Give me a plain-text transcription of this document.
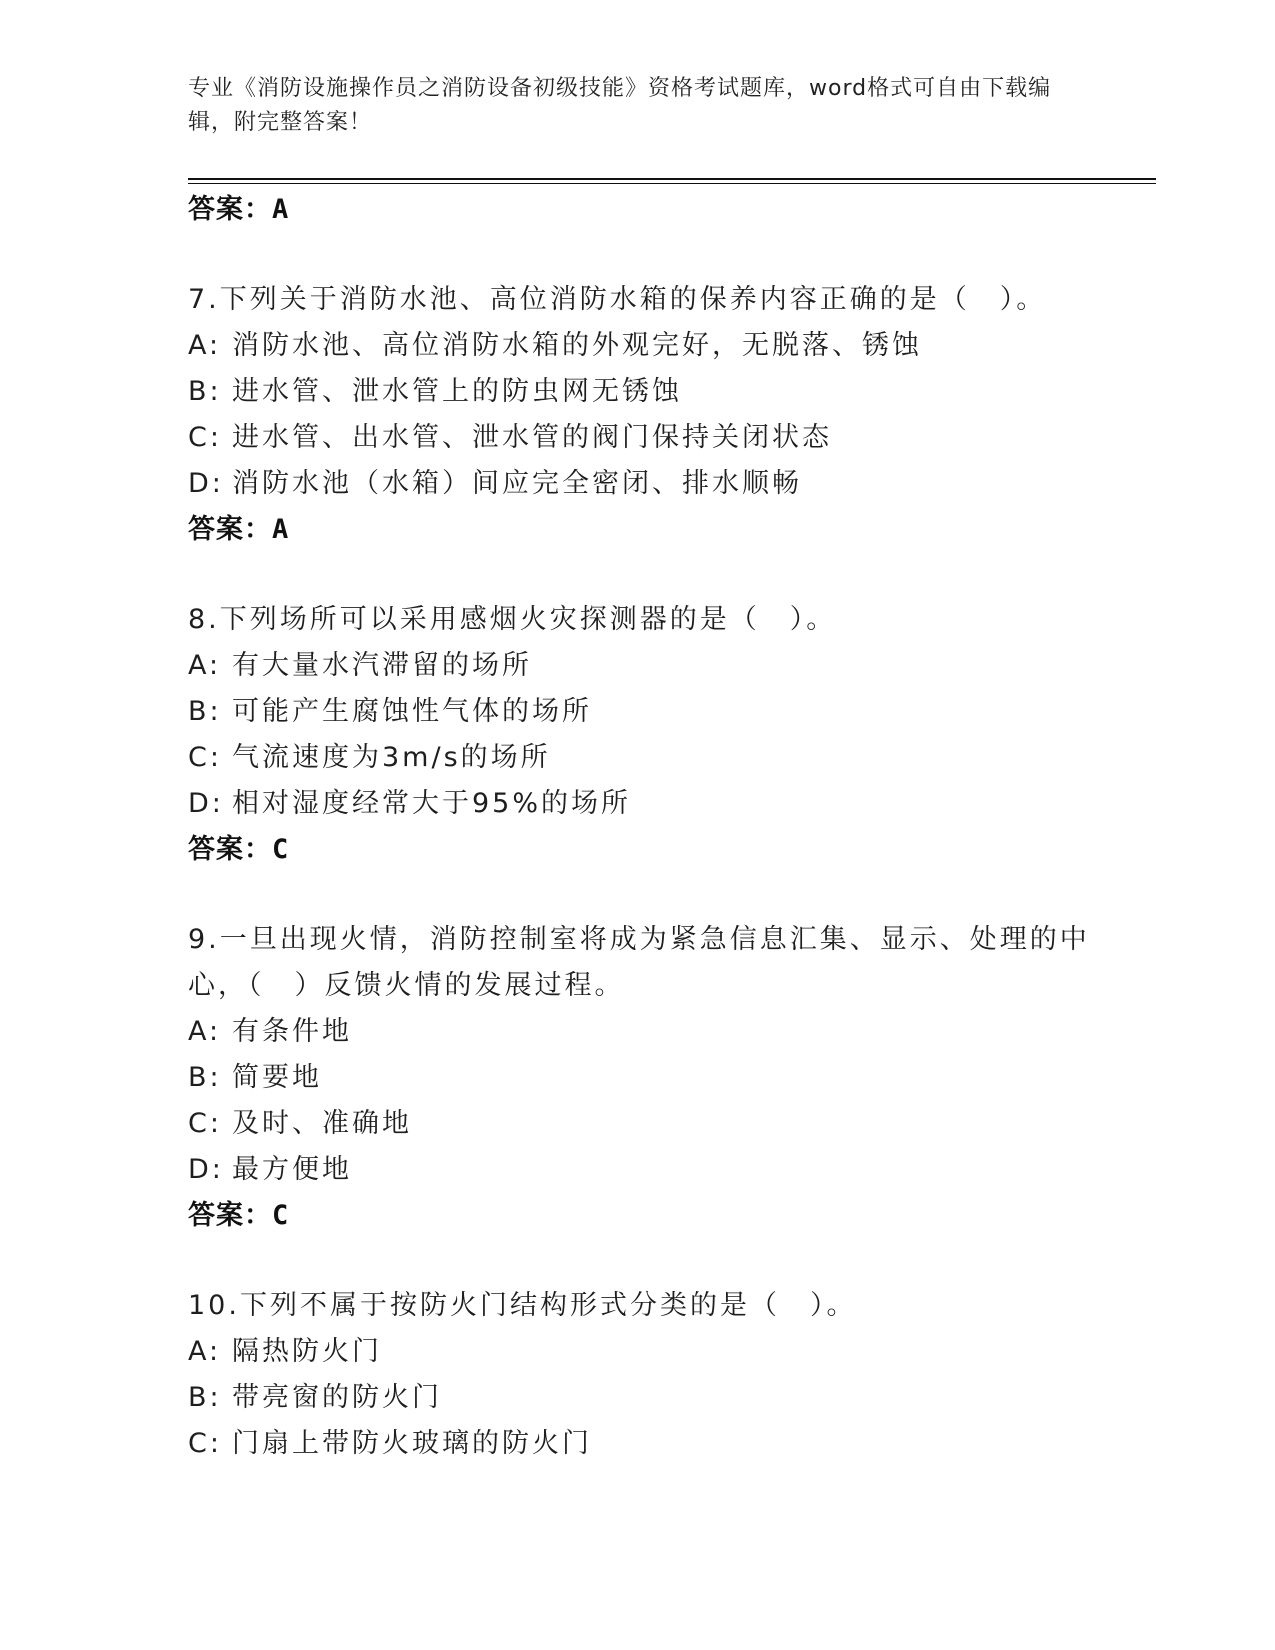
专业《消防设施操作员之消防设备初级技能》资格考试题库，word格式可自由下载编辑，附完整答案！
答案：A
7.下列关于消防水池、高位消防水箱的保养内容正确的是（　）。
A: 消防水池、高位消防水箱的外观完好，无脱落、锈蚀
B: 进水管、泄水管上的防虫网无锈蚀
C: 进水管、出水管、泄水管的阀门保持关闭状态
D: 消防水池（水箱）间应完全密闭、排水顺畅
答案：A
8.下列场所可以采用感烟火灾探测器的是（　）。
A: 有大量水汽滞留的场所
B: 可能产生腐蚀性气体的场所
C: 气流速度为3m/s的场所
D: 相对湿度经常大于95%的场所
答案：C
9.一旦出现火情，消防控制室将成为紧急信息汇集、显示、处理的中
心，（　）反馈火情的发展过程。
A: 有条件地
B: 简要地
C: 及时、准确地
D: 最方便地
答案：C
10.下列不属于按防火门结构形式分类的是（　）。
A: 隔热防火门
B: 带亮窗的防火门
C: 门扇上带防火玻璃的防火门
